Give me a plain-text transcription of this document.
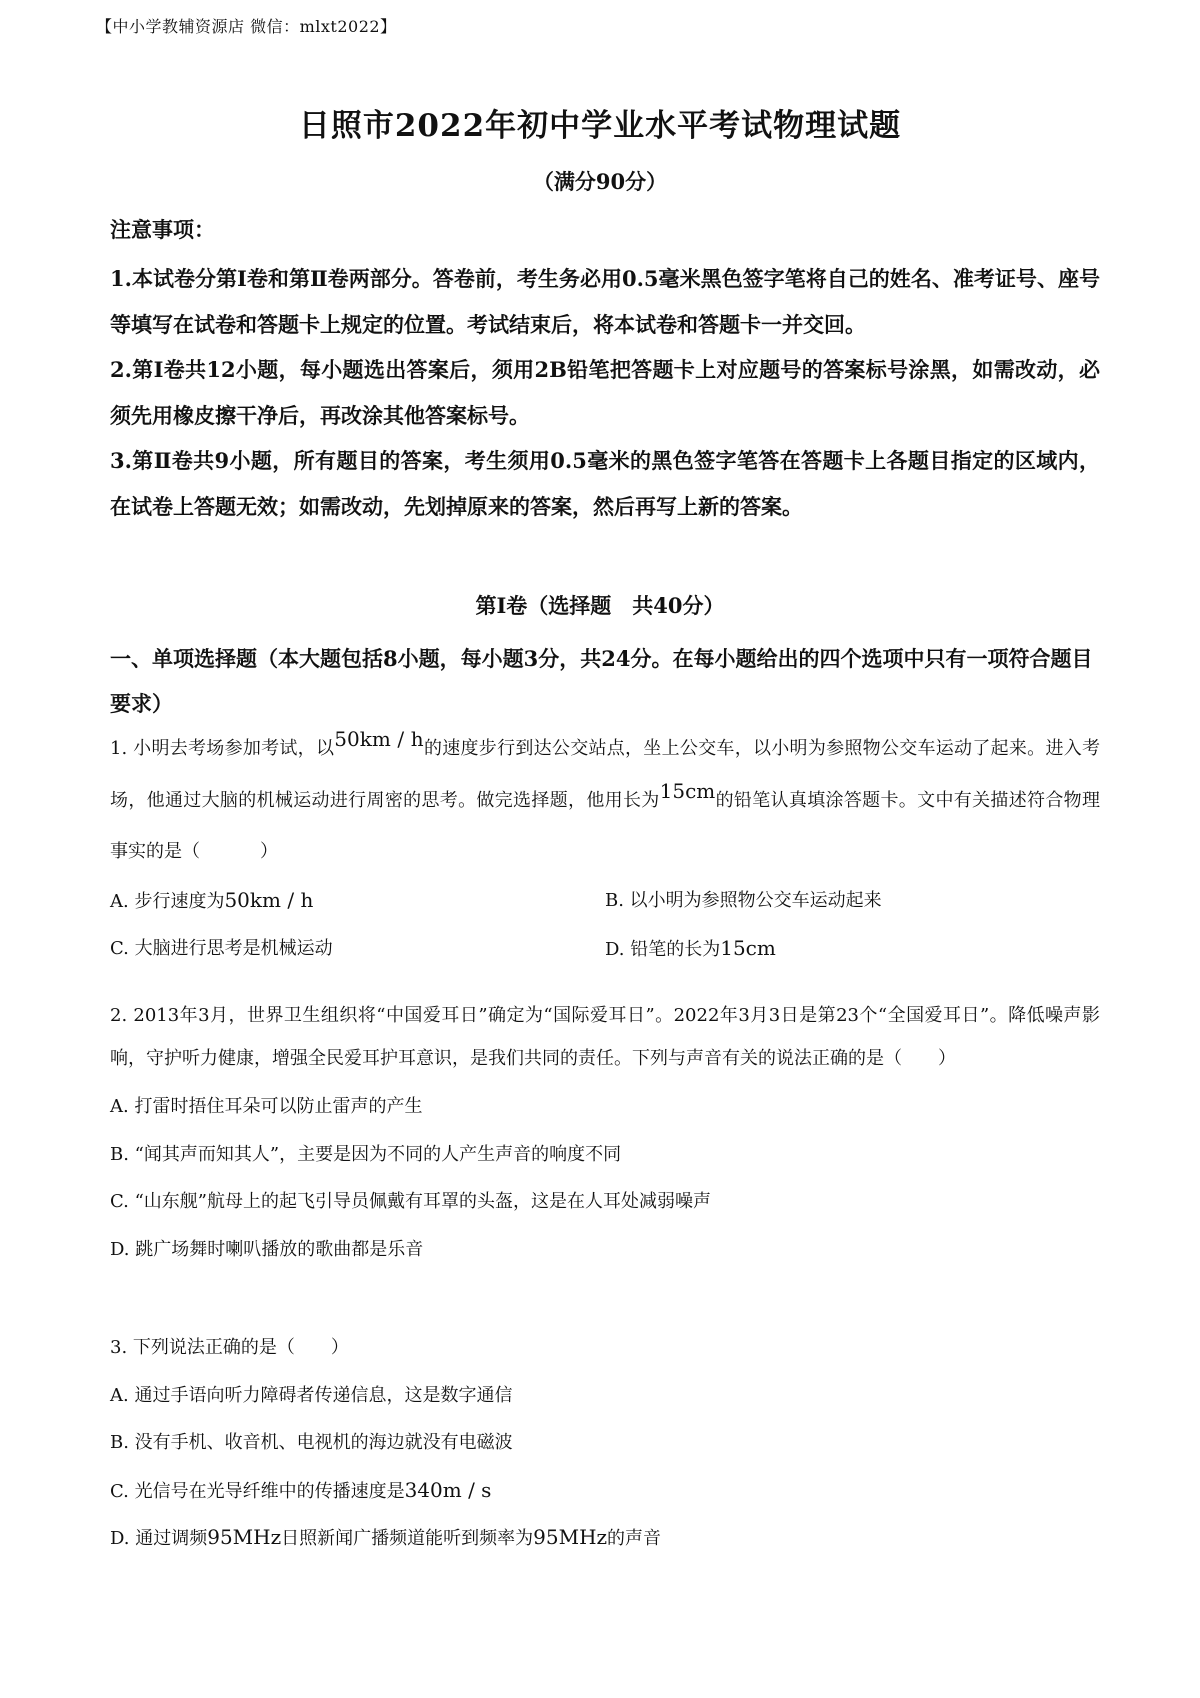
【中小学教辅资源店 微信：mlxt2022】
日照市2022年初中学业水平考试物理试题
（满分90分）
注意事项：

1.本试卷分第Ⅰ卷和第Ⅱ卷两部分。答卷前，考生务必用0.5毫米黑色签字笔将自己的姓名、准考证号、座号等填写在试卷和答题卡上规定的位置。考试结束后，将本试卷和答题卡一并交回。

2.第Ⅰ卷共12小题，每小题选出答案后，须用2B铅笔把答题卡上对应题号的答案标号涂黑，如需改动，必须先用橡皮擦干净后，再改涂其他答案标号。

3.第Ⅱ卷共9小题，所有题目的答案，考生须用0.5毫米的黑色签字笔答在答题卡上各题目指定的区域内，在试卷上答题无效；如需改动，先划掉原来的答案，然后再写上新的答案。

第Ⅰ卷（选择题　共40分）
一、单项选择题（本大题包括8小题，每小题3分，共24分。在每小题给出的四个选项中只有一项符合题目要求）
1. 小明去考场参加考试，以50km / h的速度步行到达公交站点，坐上公交车，以小明为参照物公交车运动了起来。进入考场，他通过大脑的机械运动进行周密的思考。做完选择题，他用长为15cm的铅笔认真填涂答题卡。文中有关描述符合物理事实的是（	）
A. 步行速度为50km / h	B. 以小明为参照物公交车运动起来
C. 大脑进行思考是机械运动	D. 铅笔的长为15cm
2. 2013年3月，世界卫生组织将“中国爱耳日”确定为“国际爱耳日”。2022年3月3日是第23个“全国爱耳日”。降低噪声影响，守护听力健康，增强全民爱耳护耳意识，是我们共同的责任。下列与声音有关的说法正确的是（　　）
A. 打雷时捂住耳朵可以防止雷声的产生
B. “闻其声而知其人”，主要是因为不同的人产生声音的响度不同
C. “山东舰”航母上的起飞引导员佩戴有耳罩的头盔，这是在人耳处减弱噪声
D. 跳广场舞时喇叭播放的歌曲都是乐音
3. 下列说法正确的是（　　）
A. 通过手语向听力障碍者传递信息，这是数字通信
B. 没有手机、收音机、电视机的海边就没有电磁波
C. 光信号在光导纤维中的传播速度是340m / s
D. 通过调频95MHz日照新闻广播频道能听到频率为95MHz的声音
